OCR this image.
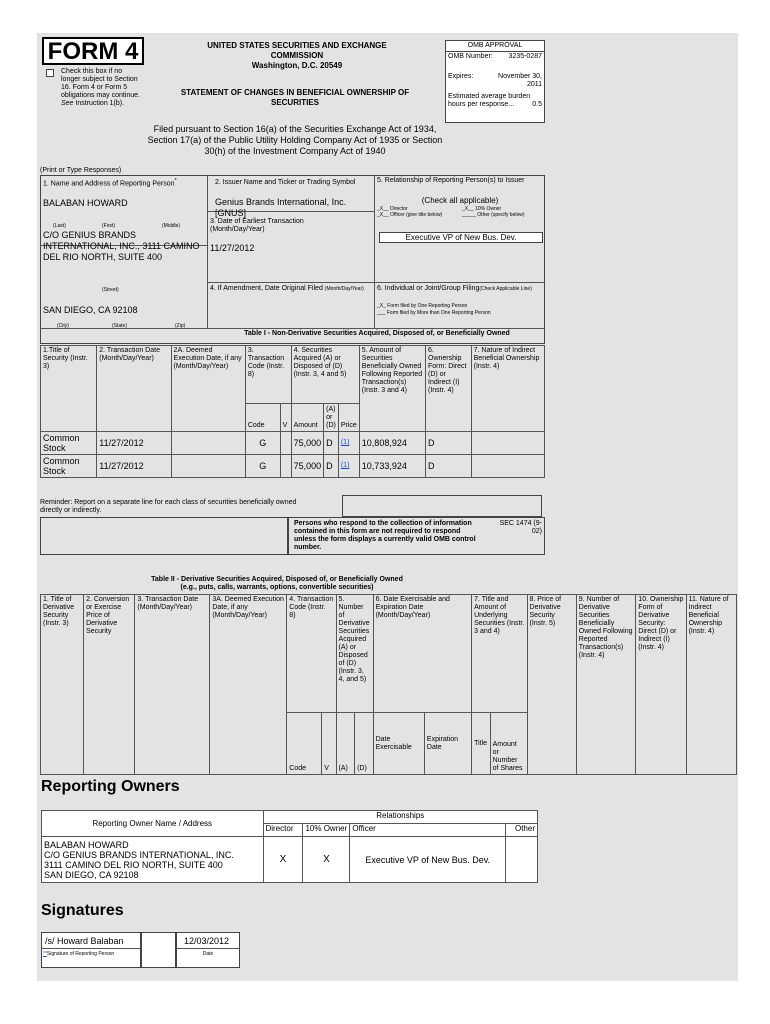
FORM 4
Check this box if no longer subject to Section 16. Form 4 or Form 5 obligations may continue. See Instruction 1(b).
UNITED STATES SECURITIES AND EXCHANGE
COMMISSION
Washington, D.C. 20549
STATEMENT OF CHANGES IN BENEFICIAL OWNERSHIP OF
SECURITIES
Filed pursuant to Section 16(a) of the Securities Exchange Act of 1934, Section 17(a) of the Public Utility Holding Company Act of 1935 or Section 30(h) of the Investment Company Act of 1940
OMB APPROVAL
OMB Number:	3235-0287
Expires:	November 30, 2011
Estimated average burden hours per response...	0.5
(Print or Type Responses)
1. Name and Address of Reporting Person*
BALABAN HOWARD
(Last)	(First)	(Middle)
C/O GENIUS BRANDS INTERNATIONAL, INC., 3111 CAMINO DEL RIO NORTH, SUITE 400
(Street)
SAN DIEGO, CA 92108
(City)	(State)	(Zip)
2. Issuer Name and Ticker or Trading Symbol
Genius Brands International, Inc. [GNUS]
3. Date of Earliest Transaction (Month/Day/Year)
11/27/2012
4. If Amendment, Date Original Filed (Month/Day/Year)
5. Relationship of Reporting Person(s) to Issuer
(Check all applicable)
_X__ Director	_X__ 10% Owner
_X__ Officer (give title below)	_____ Other (specify below)
Executive VP of New Bus. Dev.
6. Individual or Joint/Group Filing(Check Applicable Line)
_X_ Form filed by One Reporting Person
___ Form filed by More than One Reporting Person
Table I - Non-Derivative Securities Acquired, Disposed of, or Beneficially Owned
1.Title of Security (Instr. 3)	2. Transaction Date (Month/Day/Year)	2A. Deemed Execution Date, if any (Month/Day/Year)	3. Transaction Code (Instr. 8)		4. Securities Acquired (A) or Disposed of (D) (Instr. 3, 4 and 5)			5. Amount of Securities Beneficially Owned Following Reported Transaction(s) (Instr. 3 and 4)	6. Ownership Form: Direct (D) or Indirect (I) (Instr. 4)	7. Nature of Indirect Beneficial Ownership (Instr. 4)
			Code	V	Amount	(A) or (D)	Price			
Common Stock	11/27/2012		G		75,000	D	(1)	10,808,924	D	
Common Stock	11/27/2012		G		75,000	D	(1)	10,733,924	D	
Reminder: Report on a separate line for each class of securities beneficially owned directly or indirectly.
Persons who respond to the collection of information contained in this form are not required to respond unless the form displays a currently valid OMB control number.
SEC 1474 (9-02)
Table II - Derivative Securities Acquired, Disposed of, or Beneficially Owned
(e.g., puts, calls, warrants, options, convertible securities)
1. Title of Derivative Security (Instr. 3)	2. Conversion or Exercise Price of Derivative Security	3. Transaction Date (Month/Day/Year)	3A. Deemed Execution Date, if any (Month/Day/Year)	4. Transaction Code (Instr. 8)		5. Number of Derivative Securities Acquired (A) or Disposed of (D) (Instr. 3, 4, and 5)		6. Date Exercisable and Expiration Date (Month/Day/Year)		7. Title and Amount of Underlying Securities (Instr. 3 and 4)		8. Price of Derivative Security (Instr. 5)	9. Number of Derivative Securities Beneficially Owned Following Reported Transaction(s) (Instr. 4)	10. Ownership Form of Derivative Security: Direct (D) or Indirect (I) (Instr. 4)	11. Nature of Indirect Beneficial Ownership (Instr. 4)
				Code	V	(A)	(D)	Date Exercisable	Expiration Date	Title	Amount or Number of Shares				
Reporting Owners
Reporting Owner Name / Address	Relationships			
	Director	10% Owner	Officer	Other

BALABAN HOWARD
C/O GENIUS BRANDS INTERNATIONAL, INC.
3111 CAMINO DEL RIO NORTH, SUITE 400
SAN DIEGO, CA 92108	X	X	Executive VP of New Bus. Dev.	
Signatures
/s/ Howard Balaban
**Signature of Reporting Person
12/03/2012
Date
